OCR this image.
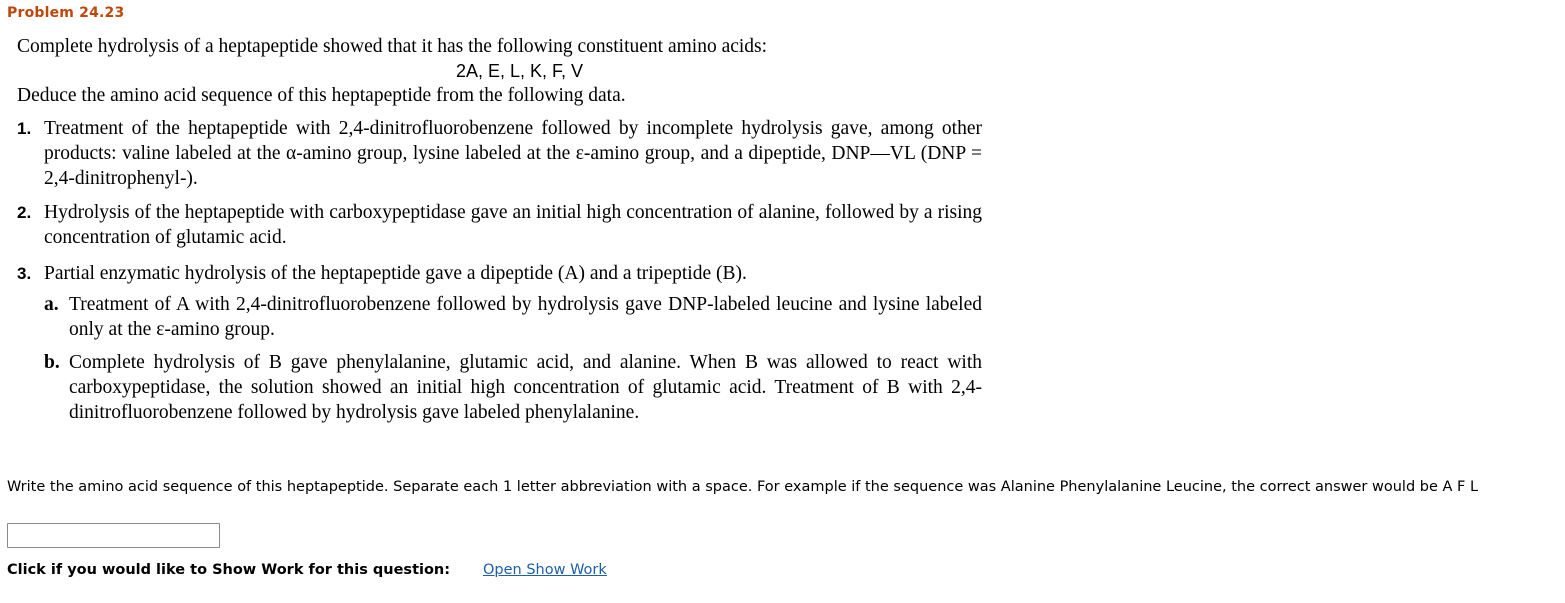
Problem 24.23

Complete hydrolysis of a heptapeptide showed that it has the following constituent amino acids:

2A, E, L, K, F, V

Deduce the amino acid sequence of this heptapeptide from the following data.

1. Treatment of the heptapeptide with 2,4-dinitrofluorobenzene followed by incomplete hydrolysis gave, among other products: valine labeled at the α-amino group, lysine labeled at the ε-amino group, and a dipeptide, DNP—VL (DNP = 2,4-dinitrophenyl-).
2. Hydrolysis of the heptapeptide with carboxypeptidase gave an initial high concentration of alanine, followed by a rising concentration of glutamic acid.
3. Partial enzymatic hydrolysis of the heptapeptide gave a dipeptide (A) and a tripeptide (B).
a. Treatment of A with 2,4-dinitrofluorobenzene followed by hydrolysis gave DNP-labeled leucine and lysine labeled only at the ε-amino group.
b. Complete hydrolysis of B gave phenylalanine, glutamic acid, and alanine. When B was allowed to react with carboxypeptidase, the solution showed an initial high concentration of glutamic acid. Treatment of B with 2,4-dinitrofluorobenzene followed by hydrolysis gave labeled phenylalanine.
Write the amino acid sequence of this heptapeptide. Separate each 1 letter abbreviation with a space. For example if the sequence was Alanine Phenylalanine Leucine, the correct answer would be A F L
Click if you would like to Show Work for this question: Open Show Work
